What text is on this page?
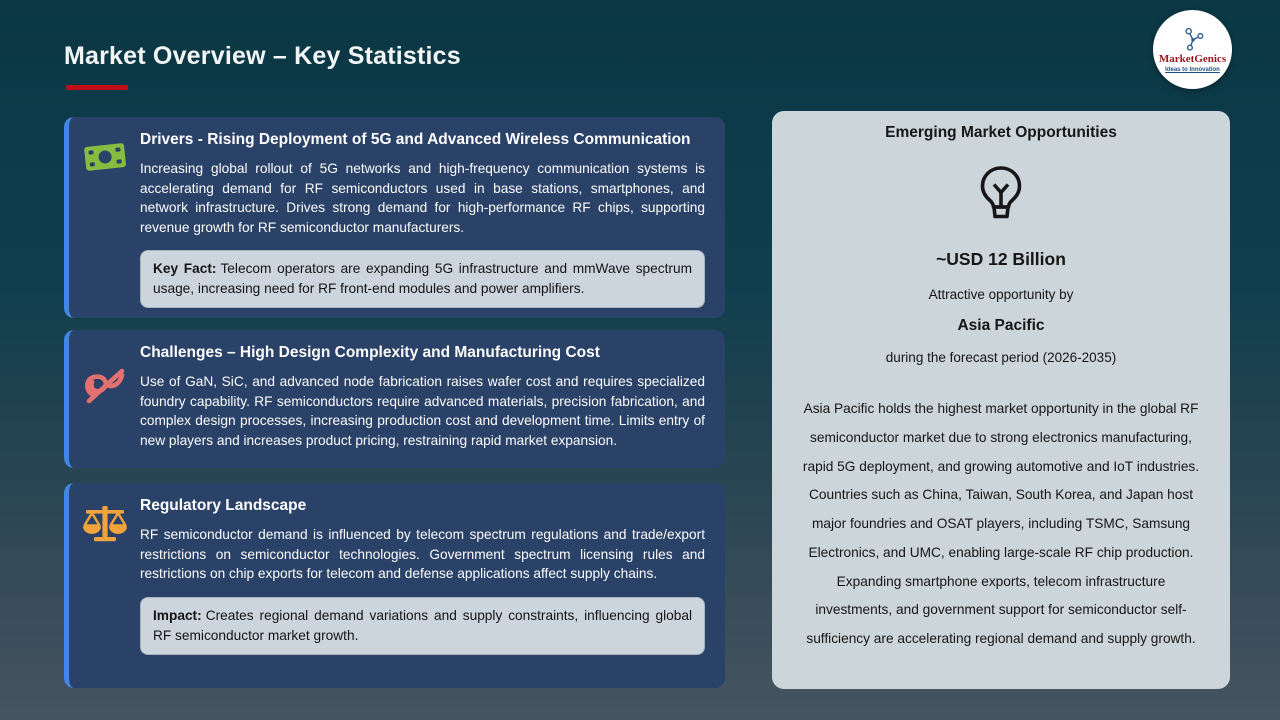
Market Overview – Key Statistics	MarketGenics
Ideas to Innovation
Drivers - Rising Deployment of 5G and Advanced Wireless Communication

Increasing global rollout of 5G networks and high-frequency communication systems is accelerating demand for RF semiconductors used in base stations, smartphones, and network infrastructure. Drives strong demand for high-performance RF chips, supporting revenue growth for RF semiconductor manufacturers.

Key Fact: Telecom operators are expanding 5G infrastructure and mmWave spectrum usage, increasing need for RF front-end modules and power amplifiers.
Challenges – High Design Complexity and Manufacturing Cost

Use of GaN, SiC, and advanced node fabrication raises wafer cost and requires specialized foundry capability. RF semiconductors require advanced materials, precision fabrication, and complex design processes, increasing production cost and development time. Limits entry of new players and increases product pricing, restraining rapid market expansion.

Regulatory Landscape

RF semiconductor demand is influenced by telecom spectrum regulations and trade/export restrictions on semiconductor technologies. Government spectrum licensing rules and restrictions on chip exports for telecom and defense applications affect supply chains.

Impact: Creates regional demand variations and supply constraints, influencing global RF semiconductor market growth.
Emerging Market Opportunities
~USD 12 Billion
Attractive opportunity by
Asia Pacific
during the forecast period (2026-2035)

Asia Pacific holds the highest market opportunity in the global RF semiconductor market due to strong electronics manufacturing, rapid 5G deployment, and growing automotive and IoT industries. Countries such as China, Taiwan, South Korea, and Japan host major foundries and OSAT players, including TSMC, Samsung Electronics, and UMC, enabling large-scale RF chip production. Expanding smartphone exports, telecom infrastructure investments, and government support for semiconductor self-sufficiency are accelerating regional demand and supply growth.
